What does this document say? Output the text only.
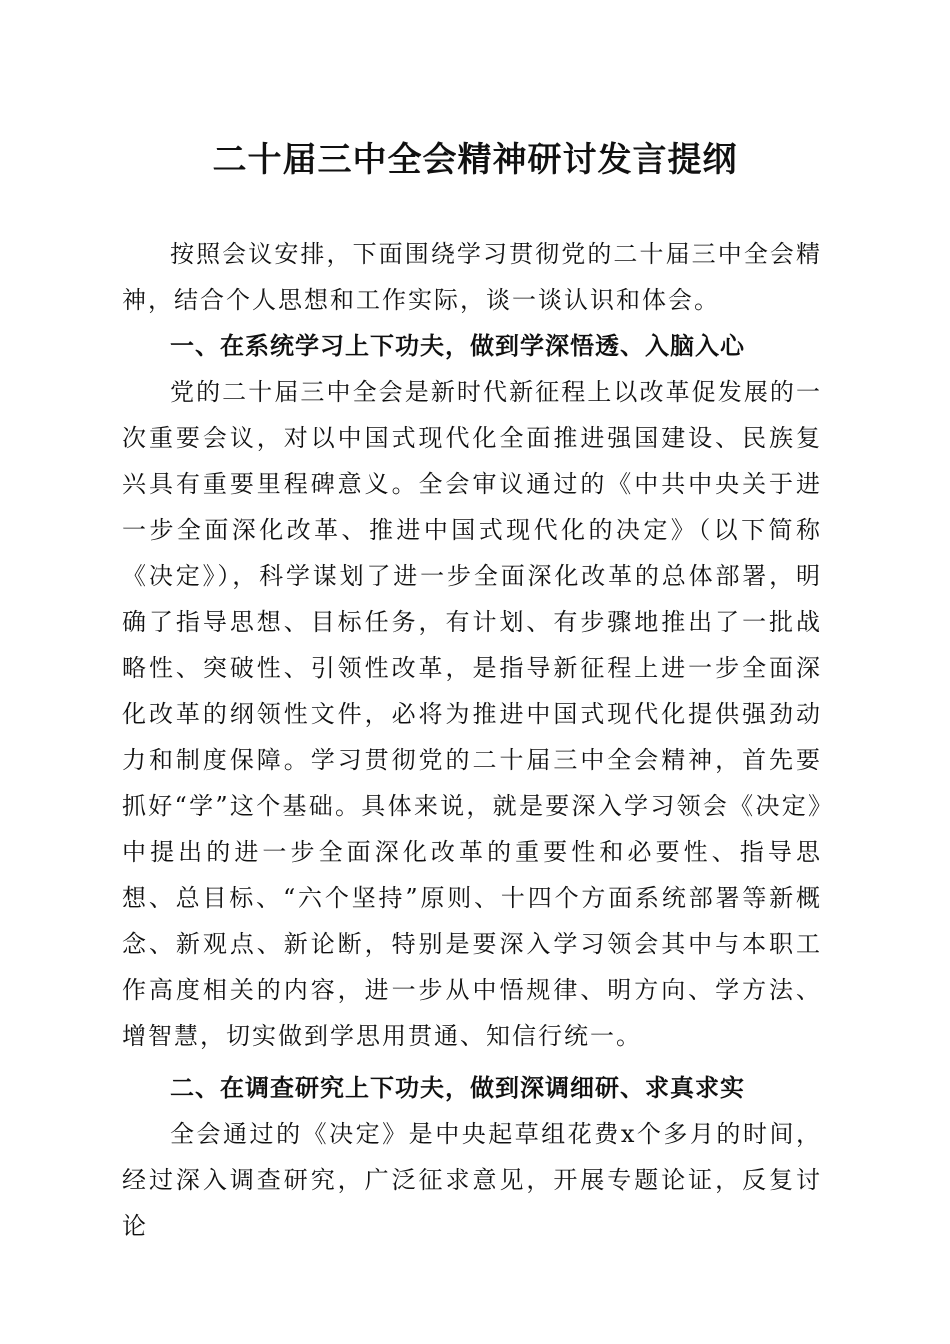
二十届三中全会精神研讨发言提纲

按照会议安排，下面围绕学习贯彻党的二十届三中全会精神，结合个人思想和工作实际，谈一谈认识和体会。

一、在系统学习上下功夫，做到学深悟透、入脑入心

党的二十届三中全会是新时代新征程上以改革促发展的一次重要会议，对以中国式现代化全面推进强国建设、民族复兴具有重要里程碑意义。全会审议通过的《中共中央关于进一步全面深化改革、推进中国式现代化的决定》（以下简称《决定》），科学谋划了进一步全面深化改革的总体部署，明确了指导思想、目标任务，有计划、有步骤地推出了一批战略性、突破性、引领性改革，是指导新征程上进一步全面深化改革的纲领性文件，必将为推进中国式现代化提供强劲动力和制度保障。学习贯彻党的二十届三中全会精神，首先要抓好“学”这个基础。具体来说，就是要深入学习领会《决定》中提出的进一步全面深化改革的重要性和必要性、指导思想、总目标、“六个坚持”原则、十四个方面系统部署等新概念、新观点、新论断，特别是要深入学习领会其中与本职工作高度相关的内容，进一步从中悟规律、明方向、学方法、增智慧，切实做到学思用贯通、知信行统一。

二、在调查研究上下功夫，做到深调细研、求真求实

全会通过的《决定》是中央起草组花费x个多月的时间，经过深入调查研究，广泛征求意见，开展专题论证，反复讨论
